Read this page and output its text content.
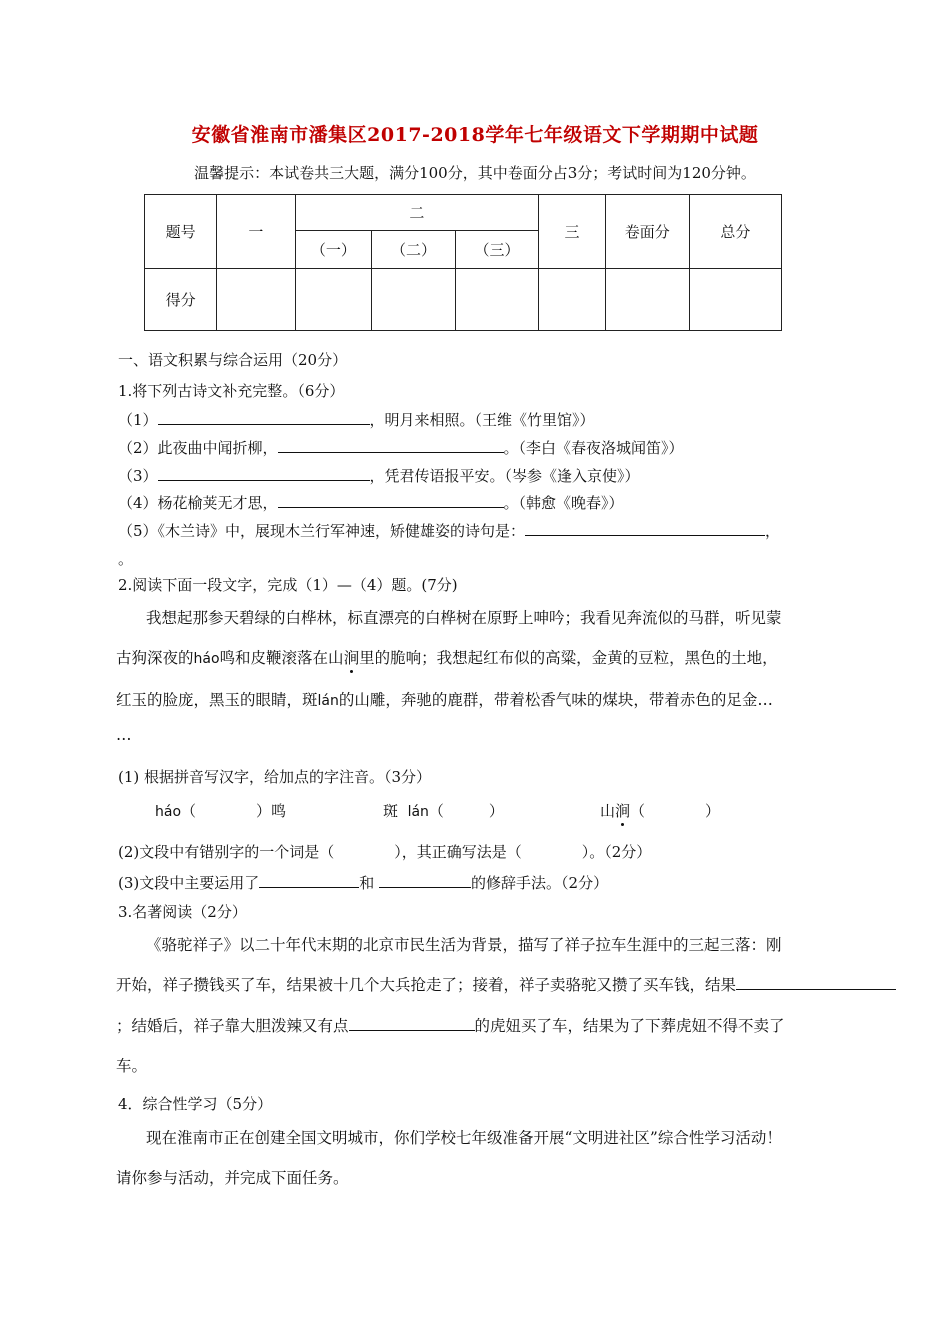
安徽省淮南市潘集区2017-2018学年七年级语文下学期期中试题
温馨提示：本试卷共三大题，满分100分，其中卷面分占3分；考试时间为120分钟。
题号	一	二			三	卷面分	总分
		（一）	（二）	（三）			
得分							
一、语文积累与综合运用（20分）
1.将下列古诗文补充完整。（6分）
（1）	，明月来相照。（王维《竹里馆》）
（2）此夜曲中闻折柳，	。（李白《春夜洛城闻笛》）
（3）	，凭君传语报平安。（岑参《逢入京使》）
（4）杨花榆荚无才思，	。（韩愈《晚春》）
（5）《木兰诗》中，展现木兰行军神速，矫健雄姿的诗句是：	，
。
2.阅读下面一段文字，完成（1）—（4）题。(7分)
我想起那参天碧绿的白桦林，标直漂亮的白桦树在原野上呻吟；我看见奔流似的马群，听见蒙
古狗深夜的háo鸣和皮鞭滚落在山涧里的脆响；我想起红布似的高粱，金黄的豆粒，黑色的土地，
红玉的脸庞，黑玉的眼睛，斑lán的山雕，奔驰的鹿群，带着松香气味的煤块，带着赤色的足金…
…
(1) 根据拼音写汉字，给加点的字注音。（3分）
háo（　　　　）鸣	斑 lán（　　　）	山涧（　　　　）
(2)文段中有错别字的一个词是（　　　　），其正确写法是（　　　　）。（2分）
(3)文段中主要运用了	和	的修辞手法。（2分）
3.名著阅读（2分）
《骆驼祥子》以二十年代末期的北京市民生活为背景，描写了祥子拉车生涯中的三起三落：刚
开始，祥子攒钱买了车，结果被十几个大兵抢走了；接着，祥子卖骆驼又攒了买车钱，结果
；结婚后，祥子靠大胆泼辣又有点	的虎妞买了车，结果为了下葬虎妞不得不卖了
车。
4．综合性学习（5分）
现在淮南市正在创建全国文明城市，你们学校七年级准备开展“文明进社区”综合性学习活动！
请你参与活动，并完成下面任务。
